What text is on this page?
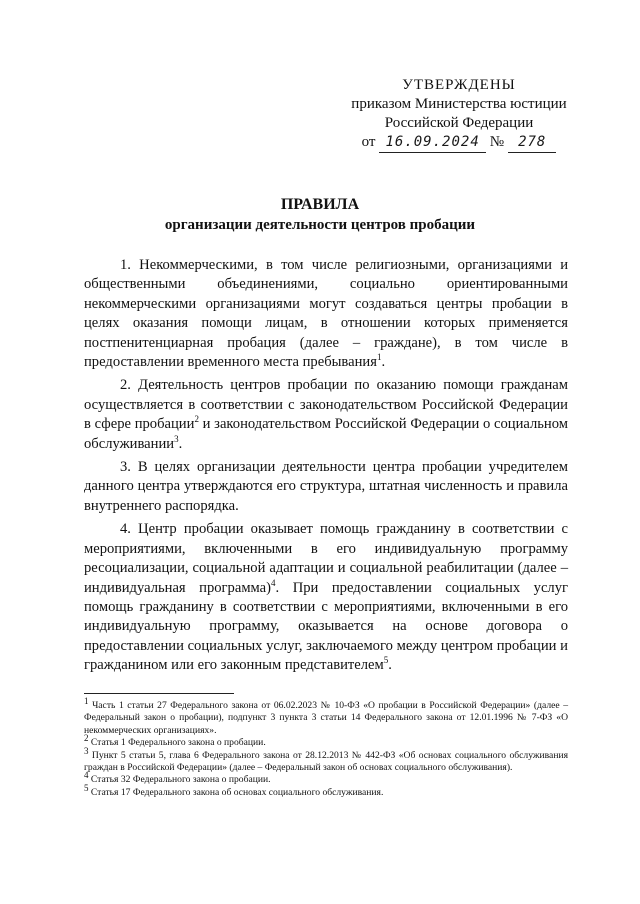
УТВЕРЖДЕНЫ
приказом Министерства юстиции
Российской Федерации
от 16.09.2024 №	278
ПРАВИЛА
организации деятельности центров пробации

1. Некоммерческими, в том числе религиозными, организациями и общественными объединениями, социально ориентированными некоммерческими организациями могут создаваться центры пробации в целях оказания помощи лицам, в отношении которых применяется постпенитенциарная пробация (далее – граждане), в том числе в предоставлении временного места пребывания$^1$.

2. Деятельность центров пробации по оказанию помощи гражданам осуществляется в соответствии с законодательством Российской Федерации в сфере пробации$^2$ и законодательством Российской Федерации о социальном обслуживании$^3$.

3. В целях организации деятельности центра пробации учредителем данного центра утверждаются его структура, штатная численность и правила внутреннего распорядка.

4. Центр пробации оказывает помощь гражданину в соответствии с мероприятиями, включенными в его индивидуальную программу ресоциализации, социальной адаптации и социальной реабилитации (далее – индивидуальная программа)$^4$. При предоставлении социальных услуг помощь гражданину в соответствии с мероприятиями, включенными в его индивидуальную программу, оказывается на основе договора о предоставлении социальных услуг, заключаемого между центром пробации и гражданином или его законным представителем$^5$.

$^1$ Часть 1 статьи 27 Федерального закона от 06.02.2023 № 10-ФЗ «О пробации в Российской Федерации» (далее – Федеральный закон о пробации), подпункт 3 пункта 3 статьи 14 Федерального закона от 12.01.1996 № 7-ФЗ «О некоммерческих организациях».

$^2$ Статья 1 Федерального закона о пробации.

$^3$ Пункт 5 статьи 5, глава 6 Федерального закона от 28.12.2013 № 442-ФЗ «Об основах социального обслуживания граждан в Российской Федерации» (далее – Федеральный закон об основах социального обслуживания).

$^4$ Статья 32 Федерального закона о пробации.

$^5$ Статья 17 Федерального закона об основах социального обслуживания.
